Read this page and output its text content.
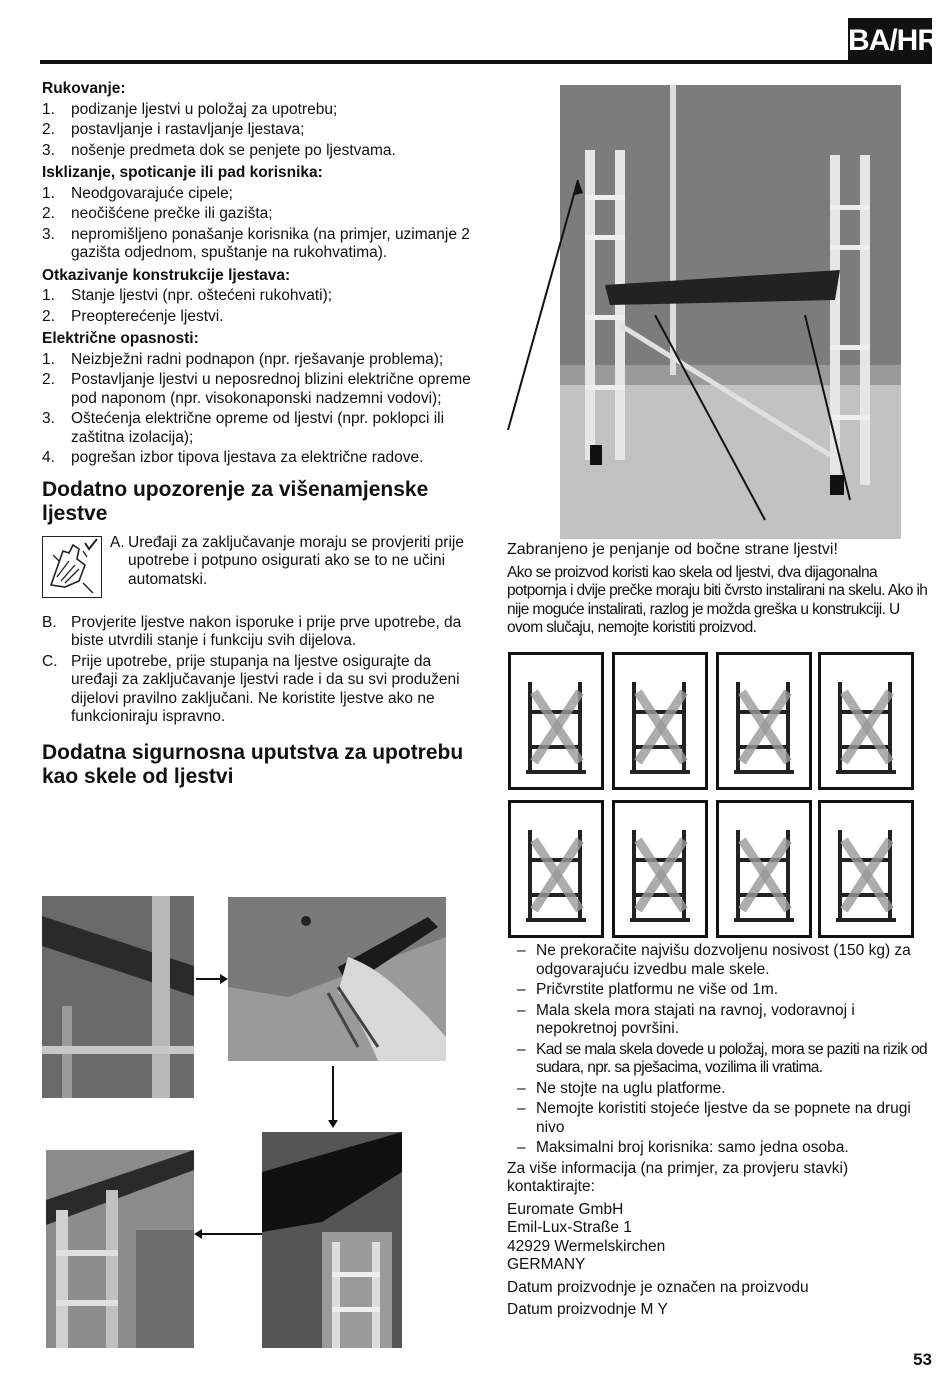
BA/HR
Rukovanje:
1. podizanje ljestvi u položaj za upotrebu;
2. postavljanje i rastavljanje ljestava;
3. nošenje predmeta dok se penjete po ljestvama.
Isklizanje, spoticanje ili pad korisnika:
1. Neodgovarajuće cipele;
2. neočišćene prečke ili gazišta;
3. nepromišljeno ponašanje korisnika (na primjer, uzimanje 2 gazišta odjednom, spuštanje na rukohvatima).
Otkazivanje konstrukcije ljestava:
1. Stanje ljestvi (npr. oštećeni rukohvati);
2. Preopterećenje ljestvi.
Električne opasnosti:
1. Neizbježni radni podnapon (npr. rješavanje problema);
2. Postavljanje ljestvi u neposrednoj blizini električne opreme pod naponom (npr. visokonaponski nadzemni vodovi);
3. Oštećenja električne opreme od ljestvi (npr. poklopci ili zaštitna izolacija);
4. pogrešan izbor tipova ljestava za električne radove.
Dodatno upozorenje za višenamjenske ljestve
A. Uređaji za zaključavanje moraju se provjeriti prije upotrebe i potpuno osigurati ako se to ne učini automatski.
B. Provjerite ljestve nakon isporuke i prije prve upotrebe, da biste utvrdili stanje i funkciju svih dijelova.
C. Prije upotrebe, prije stupanja na ljestve osigurajte da uređaji za zaključavanje ljestvi rade i da su svi produženi dijelovi pravilno zaključani. Ne koristite ljestve ako ne funkcioniraju ispravno.
Dodatna sigurnosna uputstva za upotrebu kao skele od ljestvi

Zabranjeno je penjanje od bočne strane ljestvi!

Ako se proizvod koristi kao skela od ljestvi, dva dijagonalna potpornja i dvije prečke moraju biti čvrsto instalirani na skelu. Ako ih nije moguće instalirati, razlog je možda greška u konstrukciji. U ovom slučaju, nemojte koristiti proizvod.

– Ne prekoračite najvišu dozvoljenu nosivost (150 kg) za odgovarajuću izvedbu male skele.
– Pričvrstite platformu ne više od 1m.
– Mala skela mora stajati na ravnoj, vodoravnoj i nepokretnoj površini.
– Kad se mala skela dovede u položaj, mora se paziti na rizik od sudara, npr. sa pješacima, vozilima ili vratima.
– Ne stojte na uglu platforme.
– Nemojte koristiti stojeće ljestve da se popnete na drugi nivo
– Maksimalni broj korisnika: samo jedna osoba.

Za više informacija (na primjer, za provjeru stavki) kontaktirajte:

Euromate GmbH
Emil-Lux-Straße 1
42929 Wermelskirchen
GERMANY

Datum proizvodnje je označen na proizvodu

Datum proizvodnje M Y

53
